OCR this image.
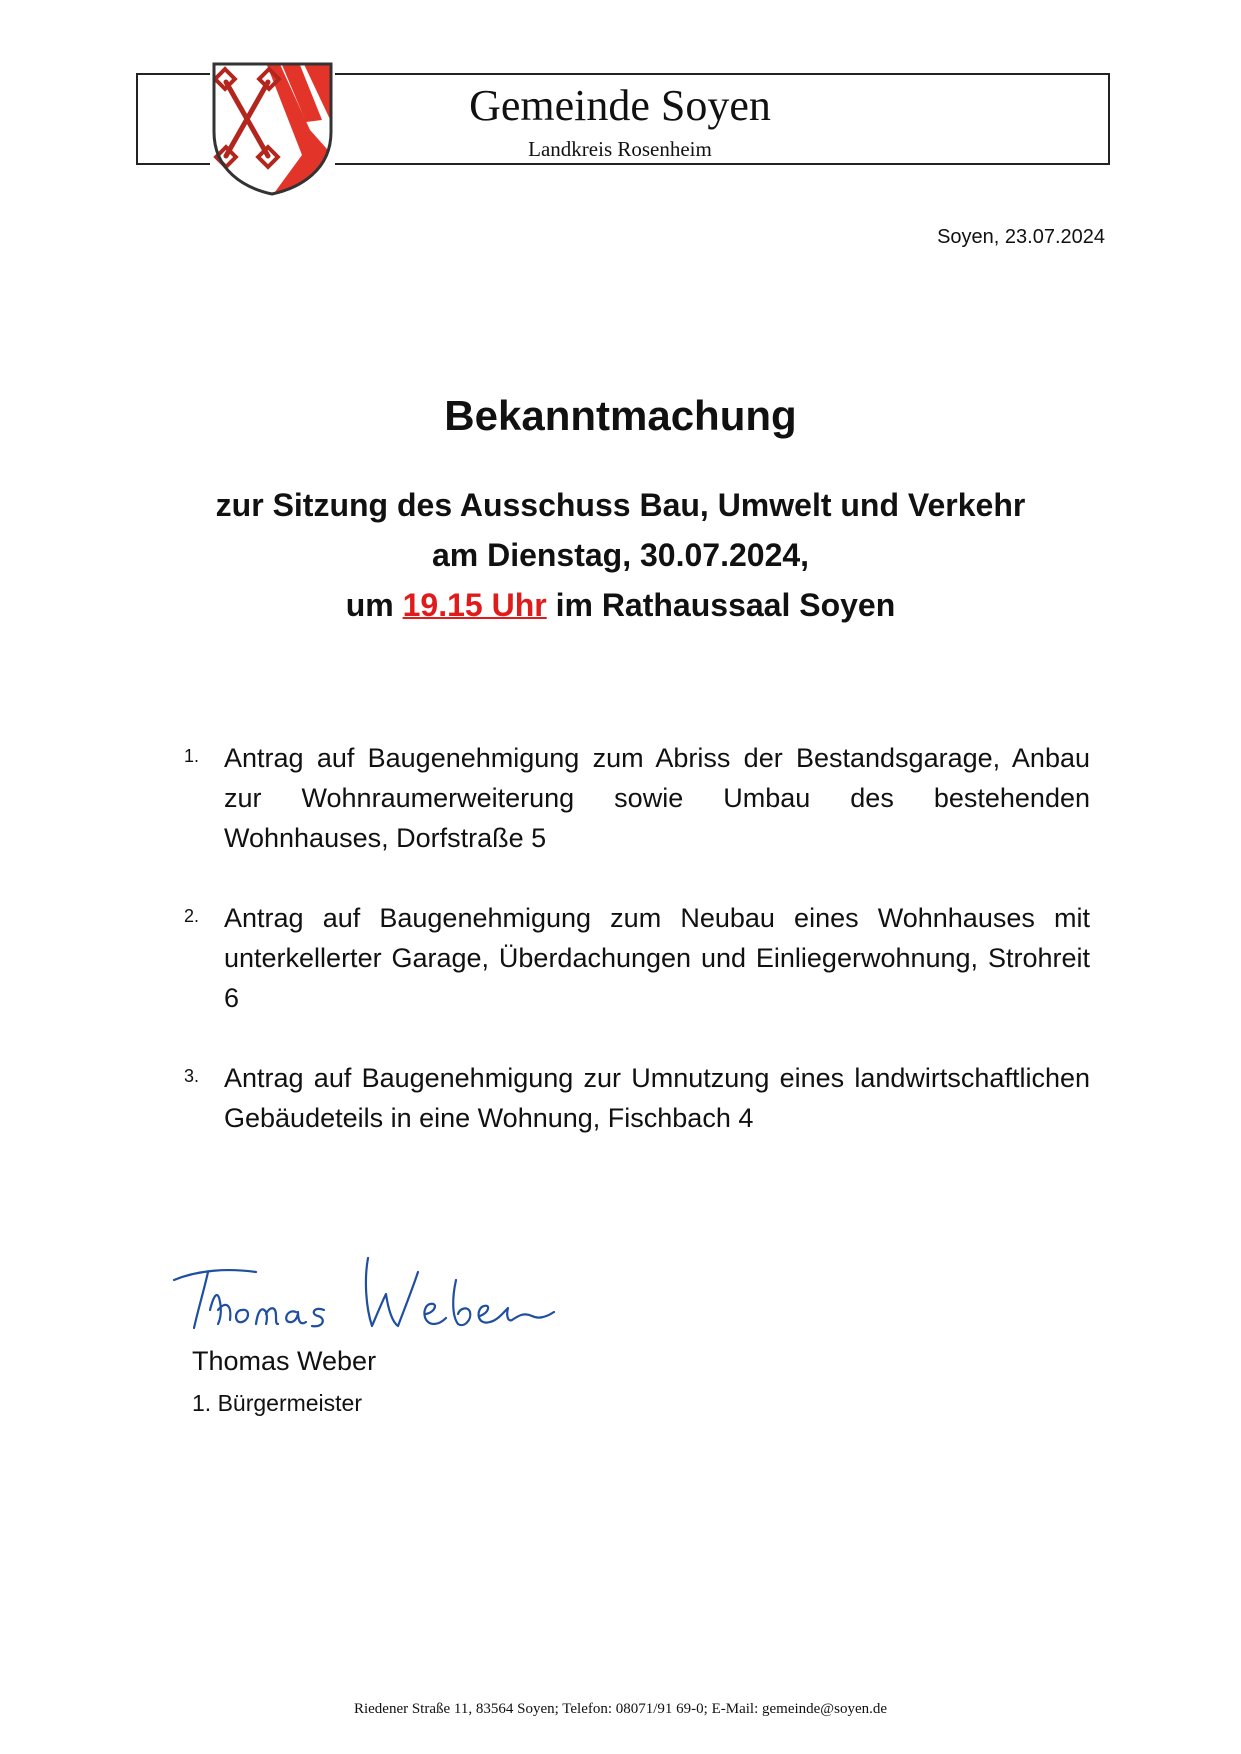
Gemeinde Soyen
Landkreis Rosenheim
Soyen, 23.07.2024
Bekanntmachung
zur Sitzung des Ausschuss Bau, Umwelt und Verkehr
am Dienstag, 30.07.2024,
um 19.15 Uhr im Rathaussaal Soyen
1. Antrag auf Baugenehmigung zum Abriss der Bestandsgarage, Anbau zur Wohnraumerweiterung sowie Umbau des bestehenden Wohnhauses, Dorfstraße 5
2. Antrag auf Baugenehmigung zum Neubau eines Wohnhauses mit unterkellerter Garage, Überdachungen und Einliegerwohnung, Strohreit 6
3. Antrag auf Baugenehmigung zur Umnutzung eines landwirtschaftlichen Gebäudeteils in eine Wohnung, Fischbach 4
Thomas Weber
1. Bürgermeister
Riedener Straße 11, 83564 Soyen; Telefon: 08071/91 69-0; E-Mail: gemeinde@soyen.de
